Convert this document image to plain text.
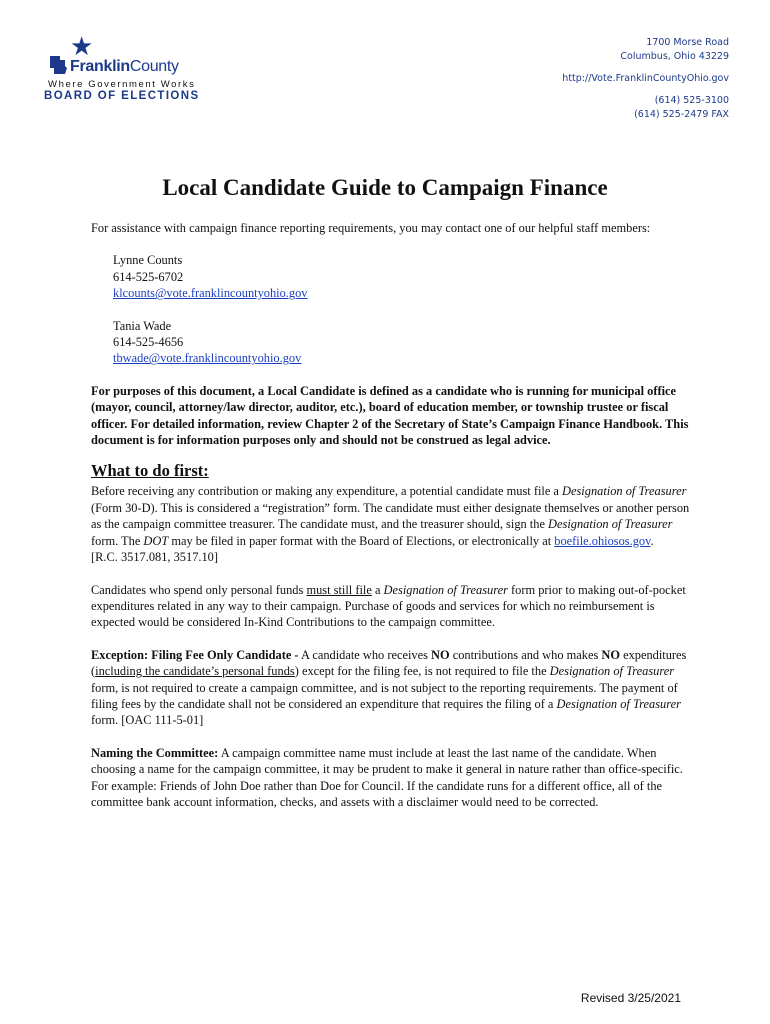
★
FranklinCounty
Where Government Works
BOARD OF ELECTIONS
1700 Morse Road
Columbus, Ohio 43229
http://Vote.FranklinCountyOhio.gov
(614) 525-3100
(614) 525-2479 FAX
Local Candidate Guide to Campaign Finance

For assistance with campaign finance reporting requirements, you may contact one of our helpful staff members:

Lynne Counts
614-525-6702
klcounts@vote.franklincountyohio.gov
Tania Wade
614-525-4656
tbwade@vote.franklincountyohio.gov

For purposes of this document, a Local Candidate is defined as a candidate who is running for municipal office (mayor, council, attorney/law director, auditor, etc.), board of education member, or township trustee or fiscal officer. For detailed information, review Chapter 2 of the Secretary of State’s Campaign Finance Handbook. This document is for information purposes only and should not be construed as legal advice.

What to do first:

Before receiving any contribution or making any expenditure, a potential candidate must file a Designation of Treasurer (Form 30-D). This is considered a “registration” form. The candidate must either designate themselves or another person as the campaign committee treasurer. The candidate must, and the treasurer should, sign the Designation of Treasurer form. The DOT may be filed in paper format with the Board of Elections, or electronically at boefile.ohiosos.gov.
[R.C. 3517.081, 3517.10]

Candidates who spend only personal funds must still file a Designation of Treasurer form prior to making out-of-pocket expenditures related in any way to their campaign. Purchase of goods and services for which no reimbursement is expected would be considered In-Kind Contributions to the campaign committee.

Exception: Filing Fee Only Candidate - A candidate who receives NO contributions and who makes NO expenditures (including the candidate’s personal funds) except for the filing fee, is not required to file the Designation of Treasurer form, is not required to create a campaign committee, and is not subject to the reporting requirements. The payment of filing fees by the candidate shall not be considered an expenditure that requires the filing of a Designation of Treasurer form. [OAC 111-5-01]

Naming the Committee: A campaign committee name must include at least the last name of the candidate. When choosing a name for the campaign committee, it may be prudent to make it general in nature rather than office-specific. For example: Friends of John Doe rather than Doe for Council. If the candidate runs for a different office, all of the committee bank account information, checks, and assets with a disclaimer would need to be corrected.

Revised 3/25/2021
